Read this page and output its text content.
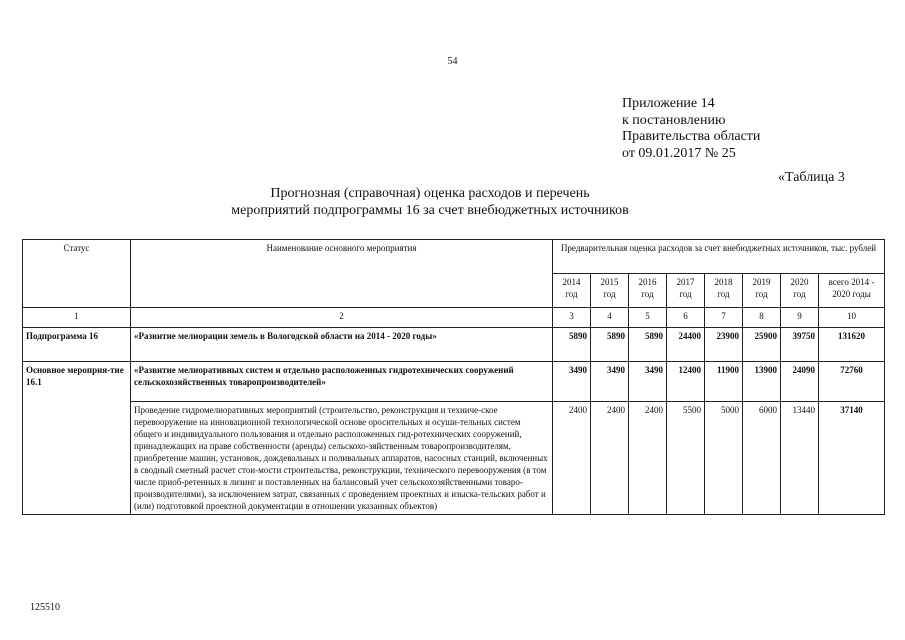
54
Приложение 14
к постановлению
Правительства области
от 09.01.2017 № 25
«Таблица 3
Прогнозная (справочная) оценка расходов и перечень
мероприятий подпрограммы 16 за счет внебюджетных источников
Статус	Наименование основного мероприятия	Предварительная оценка расходов за счет внебюджетных источников, тыс. рублей							
		2014 год	2015 год	2016 год	2017 год	2018 год	2019 год	2020 год	всего 2014 - 2020 годы
1	2	3	4	5	6	7	8	9	10
Подпрограмма 16	«Развитие мелиорации земель в Вологодской области на 2014 - 2020 годы»	5890	5890	5890	24400	23900	25900	39750	131620
Основное мероприя-тие 16.1	«Развитие мелиоративных систем и отдельно расположенных гидротехнических сооружений сельскохозяйственных товаропроизводителей»	3490	3490	3490	12400	11900	13900	24090	72760
	Проведение гидромелиоративных мероприятий (строительство, реконструкция и техниче-ское перевооружение на инновационной технологической основе оросительных и осуши-тельных систем общего и индивидуального пользования и отдельно расположенных гид-ротехнических сооружений, принадлежащих на праве собственности (аренды) сельскохо-зяйственным товаропроизводителям, приобретение машин, установок, дождевальных и поливальных аппаратов, насосных станций, включенных в сводный сметный расчет стои-мости строительства, реконструкции, технического перевооружения (в том числе приоб-ретенных в лизинг и поставленных на балансовый учет сельскохозяйственными товаро-производителями), за исключением затрат, связанных с проведением проектных и изыска-тельских работ и (или) подготовкой проектной документации в отношении указанных объектов)	2400	2400	2400	5500	5000	6000	13440	37140
125510
